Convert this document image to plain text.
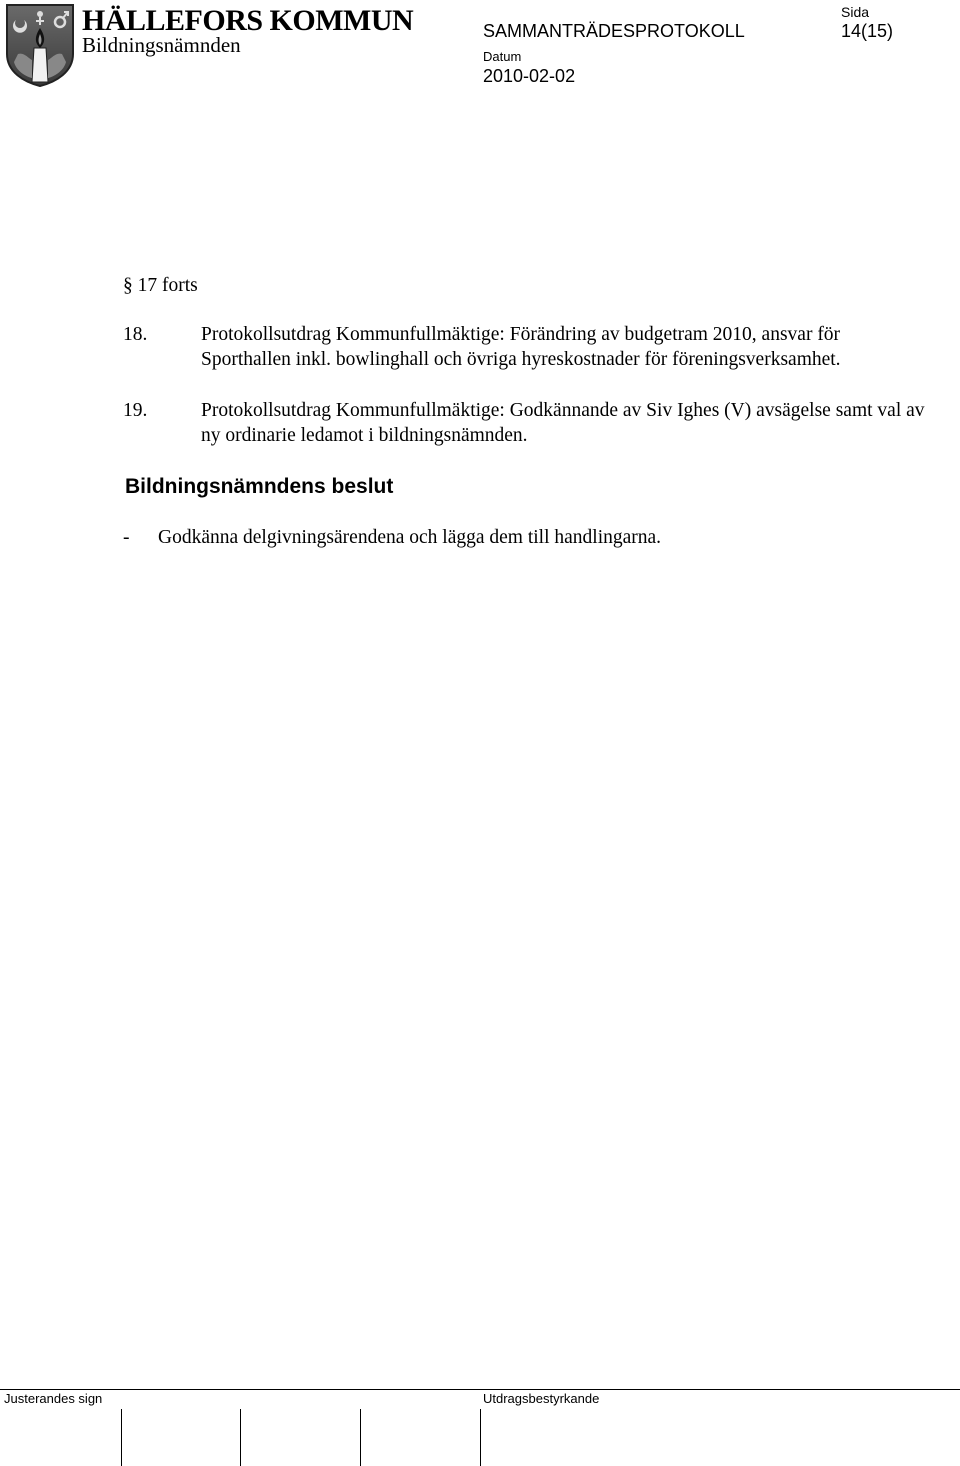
HÄLLEFORS KOMMUN
Bildningsnämnden
SAMMANTRÄDESPROTOKOLL
Sida
14(15)
Datum
2010-02-02
§ 17 forts
18.	Protokollsutdrag Kommunfullmäktige: Förändring av budgetram 2010, ansvar för Sporthallen inkl. bowlinghall och övriga hyreskostnader för föreningsverksamhet.
19.	Protokollsutdrag Kommunfullmäktige: Godkännande av Siv Ighes (V) avsägelse samt val av ny ordinarie ledamot i bildningsnämnden.
Bildningsnämndens beslut
- Godkänna delgivningsärendena och lägga dem till handlingarna.
Justerandes sign	Utdragsbestyrkande
